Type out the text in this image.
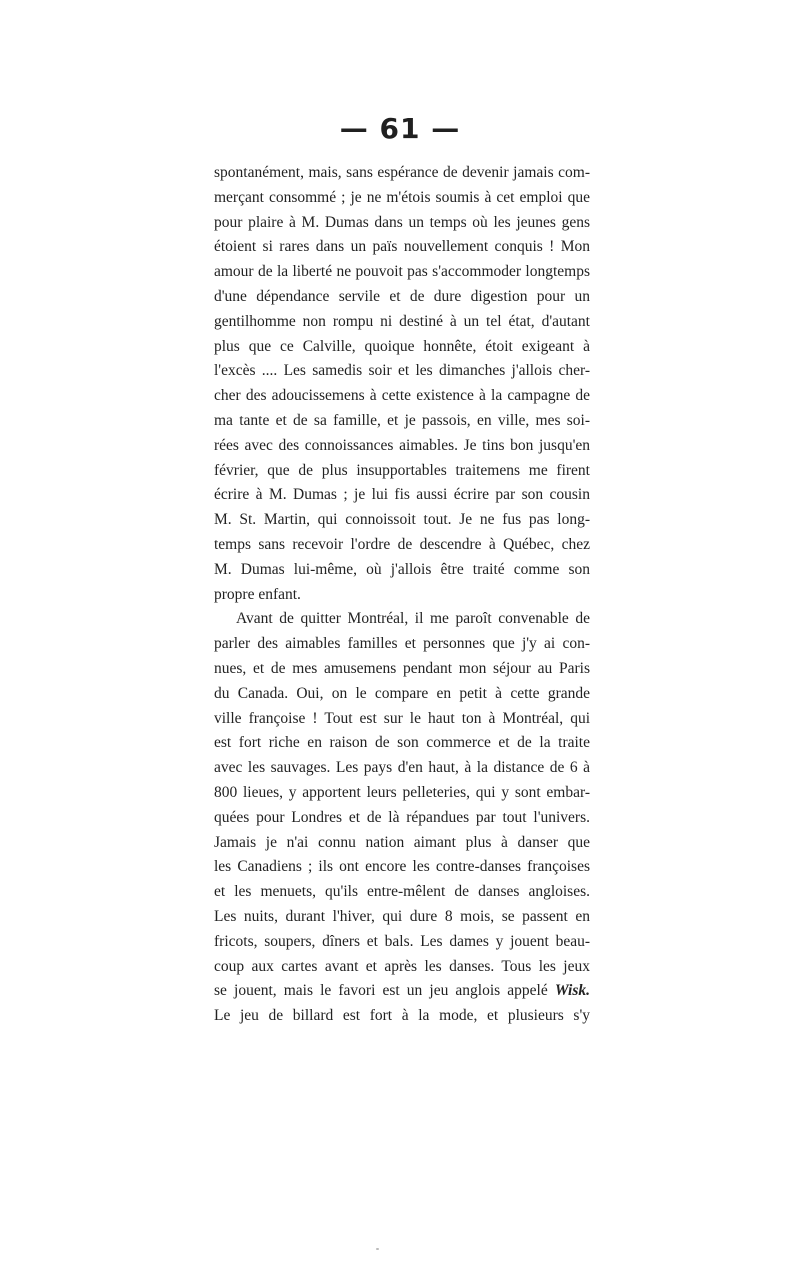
— 61 —
spontanément, mais, sans espérance de devenir jamais com-
merçant consommé ; je ne m'étois soumis à cet emploi que
pour plaire à M. Dumas dans un temps où les jeunes gens
étoient si rares dans un païs nouvellement conquis ! Mon
amour de la liberté ne pouvoit pas s'accommoder longtemps
d'une dépendance servile et de dure digestion pour un
gentilhomme non rompu ni destiné à un tel état, d'autant
plus que ce Calville, quoique honnête, étoit exigeant à
l'excès .... Les samedis soir et les dimanches j'allois cher-
cher des adoucissemens à cette existence à la campagne de
ma tante et de sa famille, et je passois, en ville, mes soi-
rées avec des connoissances aimables. Je tins bon jusqu'en
février, que de plus insupportables traitemens me firent
écrire à M. Dumas ; je lui fis aussi écrire par son cousin
M. St. Martin, qui connoissoit tout. Je ne fus pas long-
temps sans recevoir l'ordre de descendre à Québec, chez
M. Dumas lui-même, où j'allois être traité comme son
propre enfant.
Avant de quitter Montréal, il me paroît convenable de
parler des aimables familles et personnes que j'y ai con-
nues, et de mes amusemens pendant mon séjour au Paris
du Canada. Oui, on le compare en petit à cette grande
ville françoise ! Tout est sur le haut ton à Montréal, qui
est fort riche en raison de son commerce et de la traite
avec les sauvages. Les pays d'en haut, à la distance de 6 à
800 lieues, y apportent leurs pelleteries, qui y sont embar-
quées pour Londres et de là répandues par tout l'univers.
Jamais je n'ai connu nation aimant plus à danser que
les Canadiens ; ils ont encore les contre-danses françoises
et les menuets, qu'ils entre-mêlent de danses angloises.
Les nuits, durant l'hiver, qui dure 8 mois, se passent en
fricots, soupers, dîners et bals. Les dames y jouent beau-
coup aux cartes avant et après les danses. Tous les jeux
se jouent, mais le favori est un jeu anglois appelé Wisk.
Le jeu de billard est fort à la mode, et plusieurs s'y
